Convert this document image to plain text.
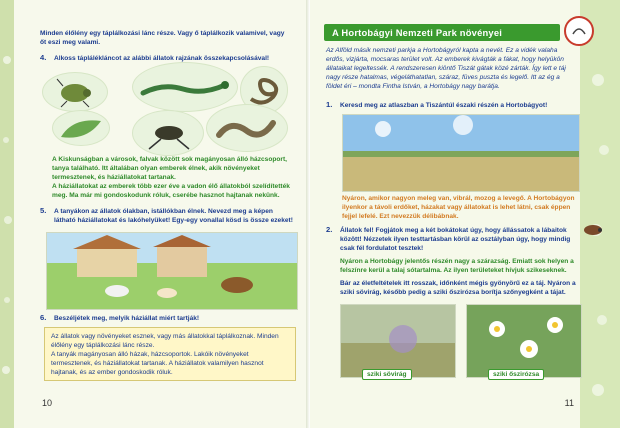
Minden élőlény egy táplálkozási lánc része. Vagy ő táplálkozik valamivel, vagy őt eszi meg valami.
4. Alkoss táplálékláncot az alábbi állatok rajzának összekapcsolásával!
A Kiskunságban a városok, falvak között sok magányosan álló házcsoport, tanya található. Itt általában olyan emberek élnek, akik növényeket termesztenek, és háziállatokat tartanak.
A háziállatokat az emberek több ezer éve a vadon élő állatokból szelídítették meg. Ma már mi gondoskodunk róluk, cserébe hasznot hajtanak nekünk.
5. A tanyákon az állatok ólakban, istállókban élnek. Nevezd meg a képen látható háziállatokat és lakóhelyüket! Egy-egy vonallal kösd is össze ezeket!
6. Beszéljétek meg, melyik háziállat miért tartják!
Az állatok vagy növényeket esznek, vagy más állatokkal táplálkoznak. Minden élőlény egy táplálkozási lánc része.
A tanyák magányosan álló házak, házcsoportok. Lakóik növényeket termesztenek, és háziállatokat tartanak. A háziállatok valamilyen hasznot hajtanak, és az ember gondoskodik róluk.
10
A Hortobágyi Nemzeti Park növényei
Az Alföld másik nemzeti parkja a Hortobágyról kapta a nevét. Ez a vidék valaha erdős, vizjárta, mocsaras terület volt. Az emberek kivágták a fákat, hogy helyükön állataikat legeltessék. A rendszeresen kiöntő Tiszát gátak közé zárták. Így lett e táj nagy része hatalmas, végeláthatatlan, száraz, füves puszta és legelő. Itt az ég a földet éri – mondta Fintha István, a Hortobágy nagy barátja.
1. Keresd meg az atlaszban a Tiszántúl északi részén a Hortobágyot!
Nyáron, amikor nagyon meleg van, vibrál, mozog a levegő. A Hortobágyon ilyenkor a távoli erdőket, házakat vagy állatokat is lehet látni, csak éppen fejjel lefelé. Ezt nevezzük délibábnak.
2. Állatok fel! Fogjátok meg a két bokátokat úgy, hogy állássatok a lábaitok között! Nézzetek ilyen testtartásban körül az osztályban úgy, hogy mindig csak fél fordulatot tesztek!
Nyáron a Hortobágy jelentős részén nagy a szárazság. Emiatt sok helyen a felszínre kerül a talaj sótartalma. Az ilyen területeket hívjuk szikeseknek.
Bár az életfeltételek itt rosszak, időnként mégis gyönyörű ez a táj. Nyáron a sziki sövirág, később pedig a sziki őszirózsa borítja szőnyegként a tájat.
sziki sövirág	sziki őszirózsa
11
